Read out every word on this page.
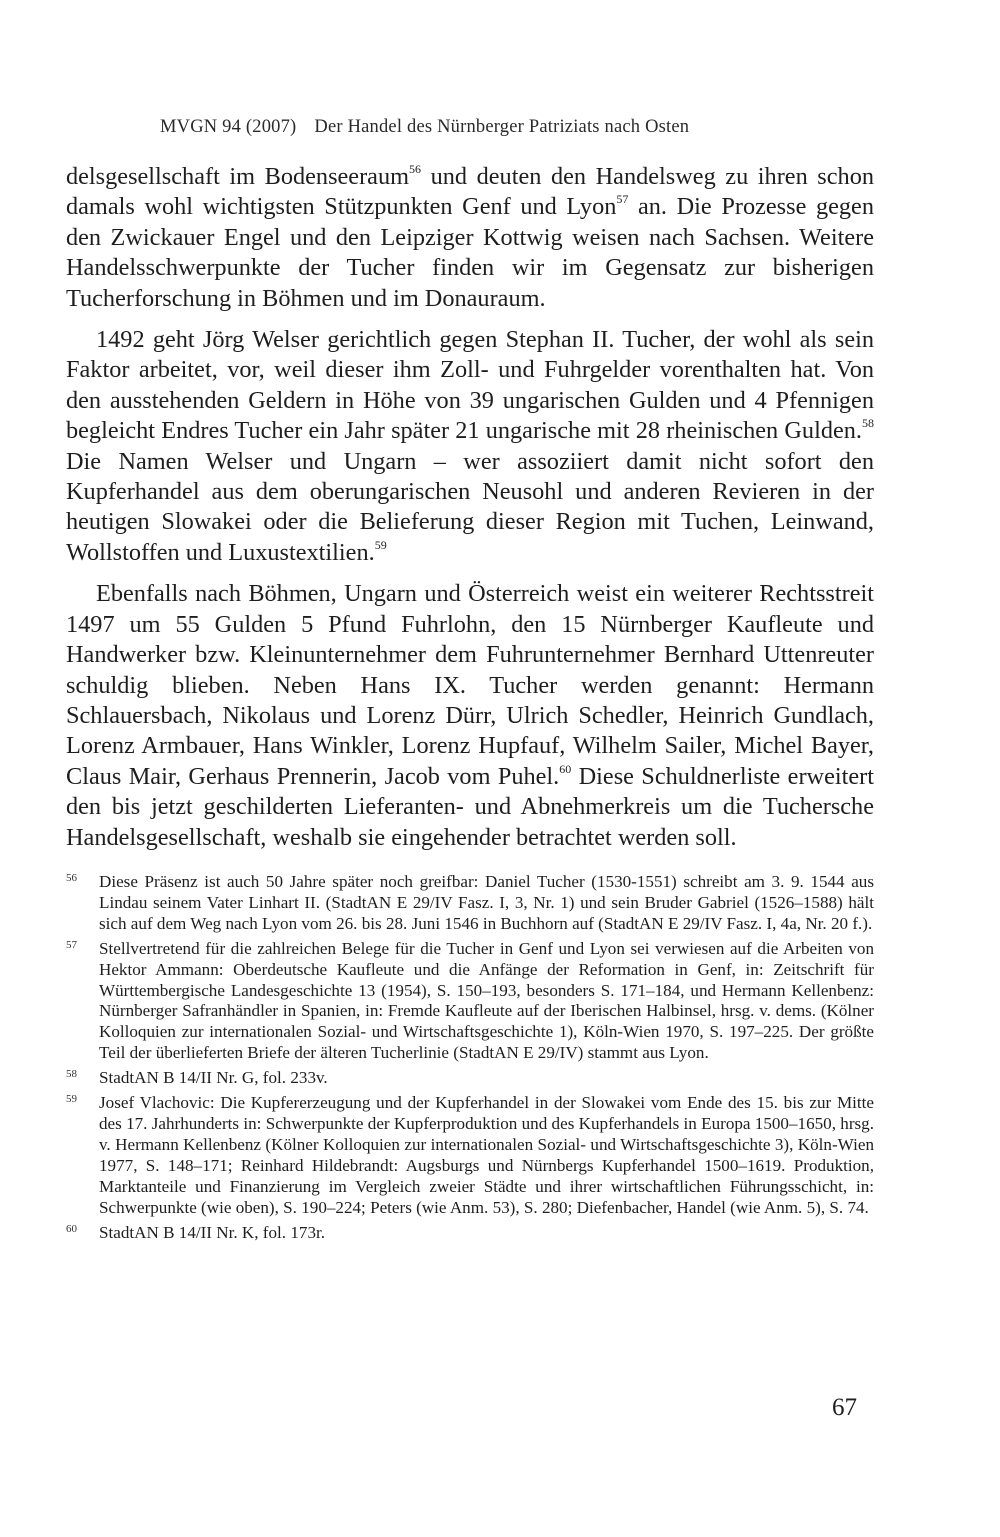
MVGN 94 (2007) Der Handel des Nürnberger Patriziats nach Osten

delsgesellschaft im Bodenseeraum$^{56}$ und deuten den Handelsweg zu ihren schon damals wohl wichtigsten Stützpunkten Genf und Lyon$^{57}$ an. Die Prozesse gegen den Zwickauer Engel und den Leipziger Kottwig weisen nach Sachsen. Weitere Handelsschwerpunkte der Tucher finden wir im Gegensatz zur bisherigen Tucherforschung in Böhmen und im Donauraum.

1492 geht Jörg Welser gerichtlich gegen Stephan II. Tucher, der wohl als sein Faktor arbeitet, vor, weil dieser ihm Zoll- und Fuhrgelder vorenthalten hat. Von den ausstehenden Geldern in Höhe von 39 ungarischen Gulden und 4 Pfennigen begleicht Endres Tucher ein Jahr später 21 ungarische mit 28 rheinischen Gulden.$^{58}$ Die Namen Welser und Ungarn – wer assoziiert damit nicht sofort den Kupferhandel aus dem oberungarischen Neusohl und anderen Revieren in der heutigen Slowakei oder die Belieferung dieser Region mit Tuchen, Leinwand, Wollstoffen und Luxustextilien.$^{59}$

Ebenfalls nach Böhmen, Ungarn und Österreich weist ein weiterer Rechtsstreit 1497 um 55 Gulden 5 Pfund Fuhrlohn, den 15 Nürnberger Kaufleute und Handwerker bzw. Kleinunternehmer dem Fuhrunternehmer Bernhard Uttenreuter schuldig blieben. Neben Hans IX. Tucher werden genannt: Hermann Schlauersbach, Nikolaus und Lorenz Dürr, Ulrich Schedler, Heinrich Gundlach, Lorenz Armbauer, Hans Winkler, Lorenz Hupfauf, Wilhelm Sailer, Michel Bayer, Claus Mair, Gerhaus Prennerin, Jacob vom Puhel.$^{60}$ Diese Schuldnerliste erweitert den bis jetzt geschilderten Lieferanten- und Abnehmerkreis um die Tuchersche Handelsgesellschaft, weshalb sie eingehender betrachtet werden soll.

56 Diese Präsenz ist auch 50 Jahre später noch greifbar: Daniel Tucher (1530-1551) schreibt am 3. 9. 1544 aus Lindau seinem Vater Linhart II. (StadtAN E 29/IV Fasz. I, 3, Nr. 1) und sein Bruder Gabriel (1526–1588) hält sich auf dem Weg nach Lyon vom 26. bis 28. Juni 1546 in Buchhorn auf (StadtAN E 29/IV Fasz. I, 4a, Nr. 20 f.).
57 Stellvertretend für die zahlreichen Belege für die Tucher in Genf und Lyon sei verwiesen auf die Arbeiten von Hektor Ammann: Oberdeutsche Kaufleute und die Anfänge der Reformation in Genf, in: Zeitschrift für Württembergische Landesgeschichte 13 (1954), S. 150–193, besonders S. 171–184, und Hermann Kellenbenz: Nürnberger Safranhändler in Spanien, in: Fremde Kaufleute auf der Iberischen Halbinsel, hrsg. v. dems. (Kölner Kolloquien zur internationalen Sozial- und Wirtschaftsgeschichte 1), Köln-Wien 1970, S. 197–225. Der größte Teil der überlieferten Briefe der älteren Tucherlinie (StadtAN E 29/IV) stammt aus Lyon.
58 StadtAN B 14/II Nr. G, fol. 233v.
59 Josef Vlachovic: Die Kupfererzeugung und der Kupferhandel in der Slowakei vom Ende des 15. bis zur Mitte des 17. Jahrhunderts in: Schwerpunkte der Kupferproduktion und des Kupferhandels in Europa 1500–1650, hrsg. v. Hermann Kellenbenz (Kölner Kolloquien zur internationalen Sozial- und Wirtschaftsgeschichte 3), Köln-Wien 1977, S. 148–171; Reinhard Hildebrandt: Augsburgs und Nürnbergs Kupferhandel 1500–1619. Produktion, Marktanteile und Finanzierung im Vergleich zweier Städte und ihrer wirtschaftlichen Führungsschicht, in: Schwerpunkte (wie oben), S. 190–224; Peters (wie Anm. 53), S. 280; Diefenbacher, Handel (wie Anm. 5), S. 74.
60 StadtAN B 14/II Nr. K, fol. 173r.
67
